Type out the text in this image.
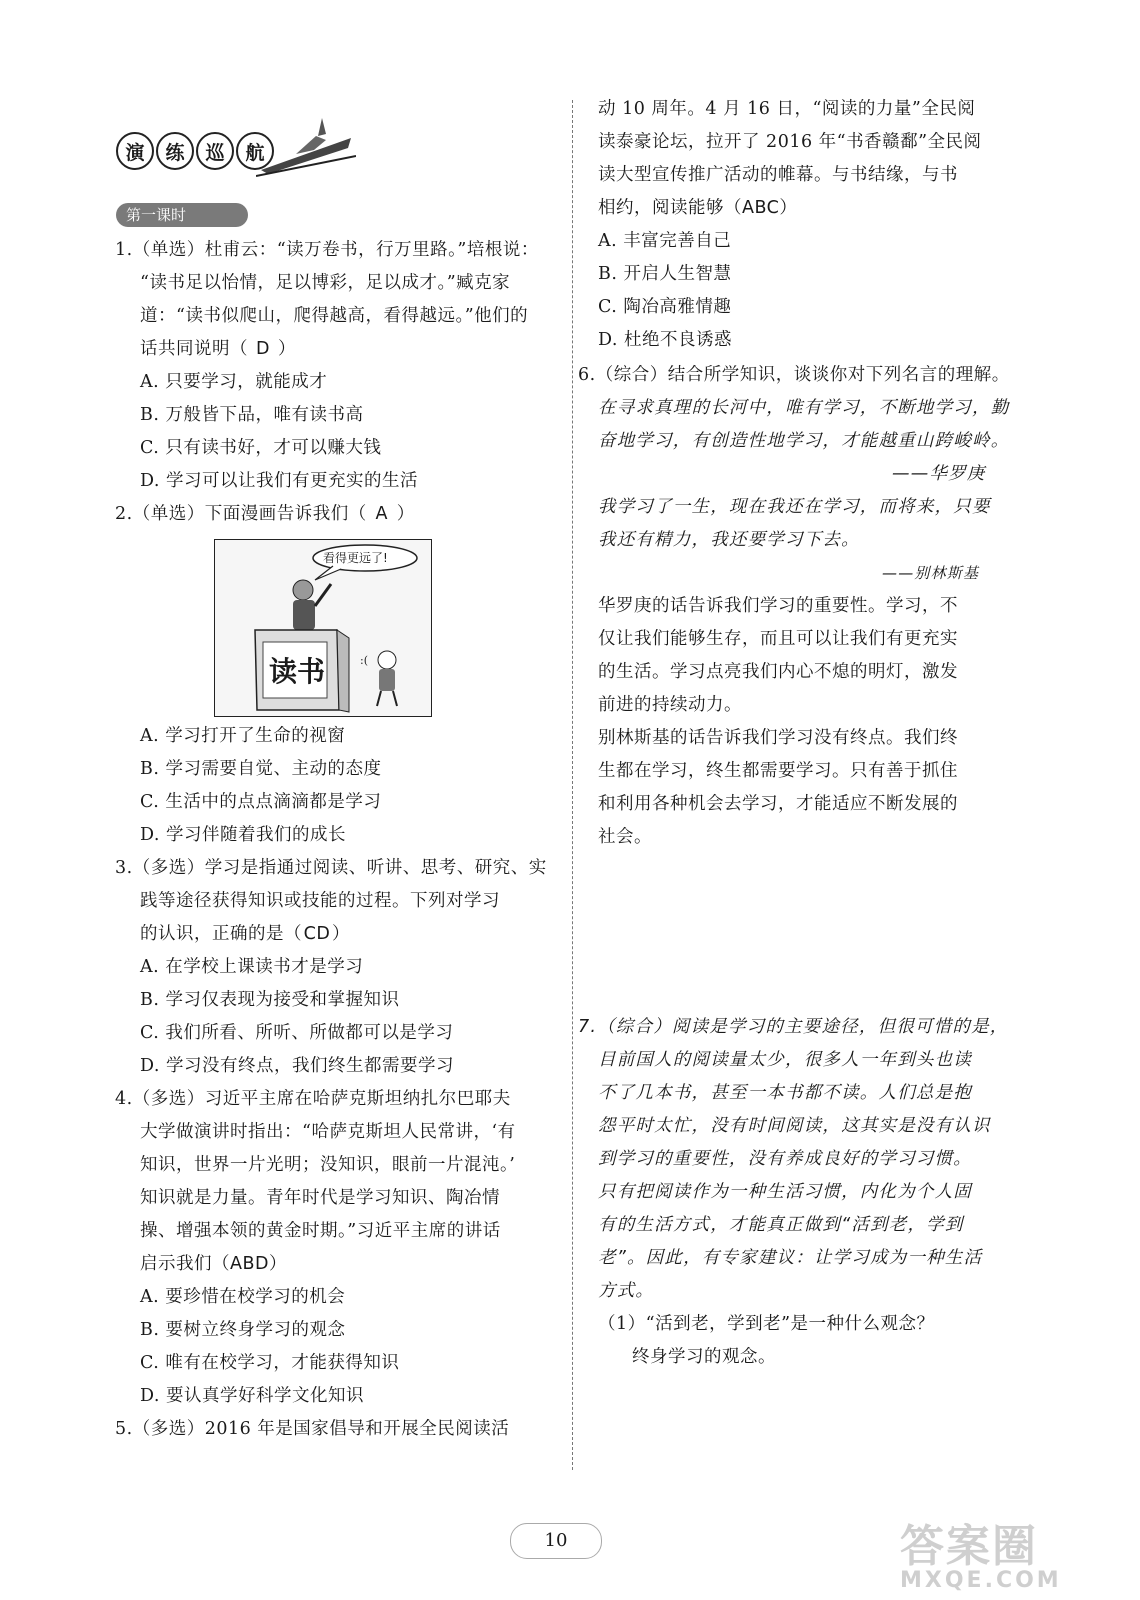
演	练	巡	航
第一课时
1.（单选）杜甫云：“读万卷书，行万里路。”培根说：
“读书足以怡情，足以博彩，足以成才。”臧克家
道：“读书似爬山，爬得越高，看得越远。”他们的
话共同说明（ D ）
A. 只要学习，就能成才
B. 万般皆下品，唯有读书高
C. 只有读书好，才可以赚大钱
D. 学习可以让我们有更充实的生活
2.（单选）下面漫画告诉我们（ A ）
A. 学习打开了生命的视窗
B. 学习需要自觉、主动的态度
C. 生活中的点点滴滴都是学习
D. 学习伴随着我们的成长
3.（多选）学习是指通过阅读、听讲、思考、研究、实
践等途径获得知识或技能的过程。下列对学习
的认识，正确的是（CD）
A. 在学校上课读书才是学习
B. 学习仅表现为接受和掌握知识
C. 我们所看、所听、所做都可以是学习
D. 学习没有终点，我们终生都需要学习
4.（多选）习近平主席在哈萨克斯坦纳扎尔巴耶夫
大学做演讲时指出：“哈萨克斯坦人民常讲，‘有
知识，世界一片光明；没知识，眼前一片混沌。’
知识就是力量。青年时代是学习知识、陶冶情
操、增强本领的黄金时期。”习近平主席的讲话
启示我们（ABD）
A. 要珍惜在校学习的机会
B. 要树立终身学习的观念
C. 唯有在校学习，才能获得知识
D. 要认真学好科学文化知识
5.（多选）2016 年是国家倡导和开展全民阅读活
:(
看得更远了!
读书
动 10 周年。4 月 16 日，“阅读的力量”全民阅
读泰豪论坛，拉开了 2016 年“书香赣鄱”全民阅
读大型宣传推广活动的帷幕。与书结缘，与书
相约，阅读能够（ABC）
A. 丰富完善自己
B. 开启人生智慧
C. 陶冶高雅情趣
D. 杜绝不良诱惑
6.（综合）结合所学知识，谈谈你对下列名言的理解。
在寻求真理的长河中，唯有学习，不断地学习，勤
奋地学习，有创造性地学习，才能越重山跨峻岭。
——华罗庚
我学习了一生，现在我还在学习，而将来，只要
我还有精力，我还要学习下去。
——别林斯基
华罗庚的话告诉我们学习的重要性。学习，不
仅让我们能够生存，而且可以让我们有更充实
的生活。学习点亮我们内心不熄的明灯，激发
前进的持续动力。
别林斯基的话告诉我们学习没有终点。我们终
生都在学习，终生都需要学习。只有善于抓住
和利用各种机会去学习，才能适应不断发展的
社会。
7.（综合）阅读是学习的主要途径，但很可惜的是，
目前国人的阅读量太少，很多人一年到头也读
不了几本书，甚至一本书都不读。人们总是抱
怨平时太忙，没有时间阅读，这其实是没有认识
到学习的重要性，没有养成良好的学习习惯。
只有把阅读作为一种生活习惯，内化为个人固
有的生活方式，才能真正做到“活到老，学到
老”。因此，有专家建议：让学习成为一种生活
方式。
（1）“活到老，学到老”是一种什么观念？
终身学习的观念。
10	答案圈
MXQE.COM
